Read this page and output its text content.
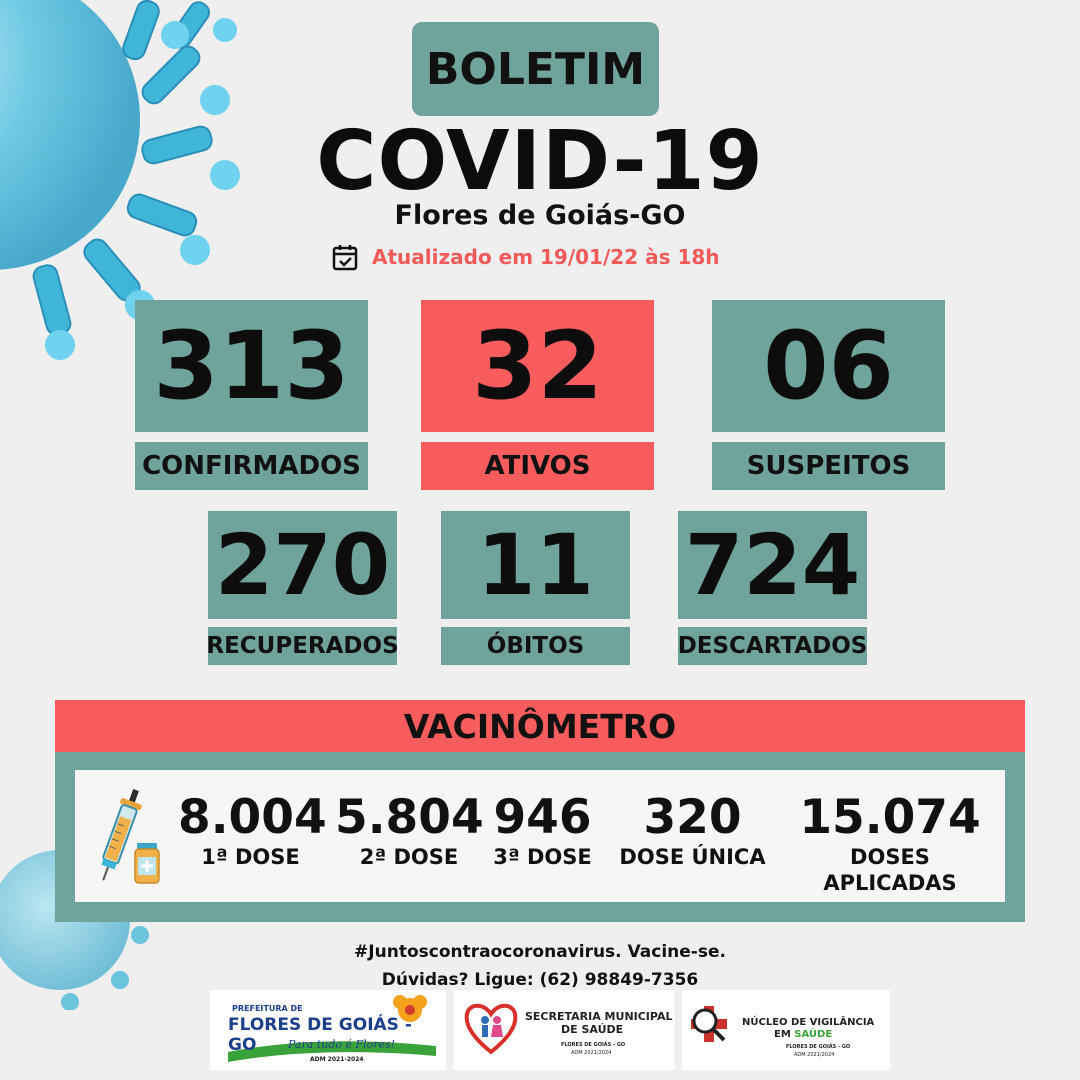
BOLETIM
COVID-19
Flores de Goiás-GO
Atualizado em 19/01/22 às 18h
313
CONFIRMADOS
32
ATIVOS
06
SUSPEITOS
270
RECUPERADOS
11
ÓBITOS
724
DESCARTADOS
VACINÔMETRO
8.004
1ª DOSE
5.804
2ª DOSE
946
3ª DOSE
320
DOSE ÚNICA
15.074
DOSES APLICADAS
#Juntoscontraocoronavirus. Vacine-se.
Dúvidas? Ligue: (62) 98849-7356
PREFEITURA DE
FLORES DE GOIÁS - GO	Para tudo é Flores!
ADM 2021-2024
SECRETARIA MUNICIPAL
DE SAÚDE
FLORES DE GOIÁS - GO
ADM 2021/2024
NÚCLEO DE VIGILÂNCIA
EM SAÚDE
FLORES DE GOIÁS - GO
ADM 2021/2024
